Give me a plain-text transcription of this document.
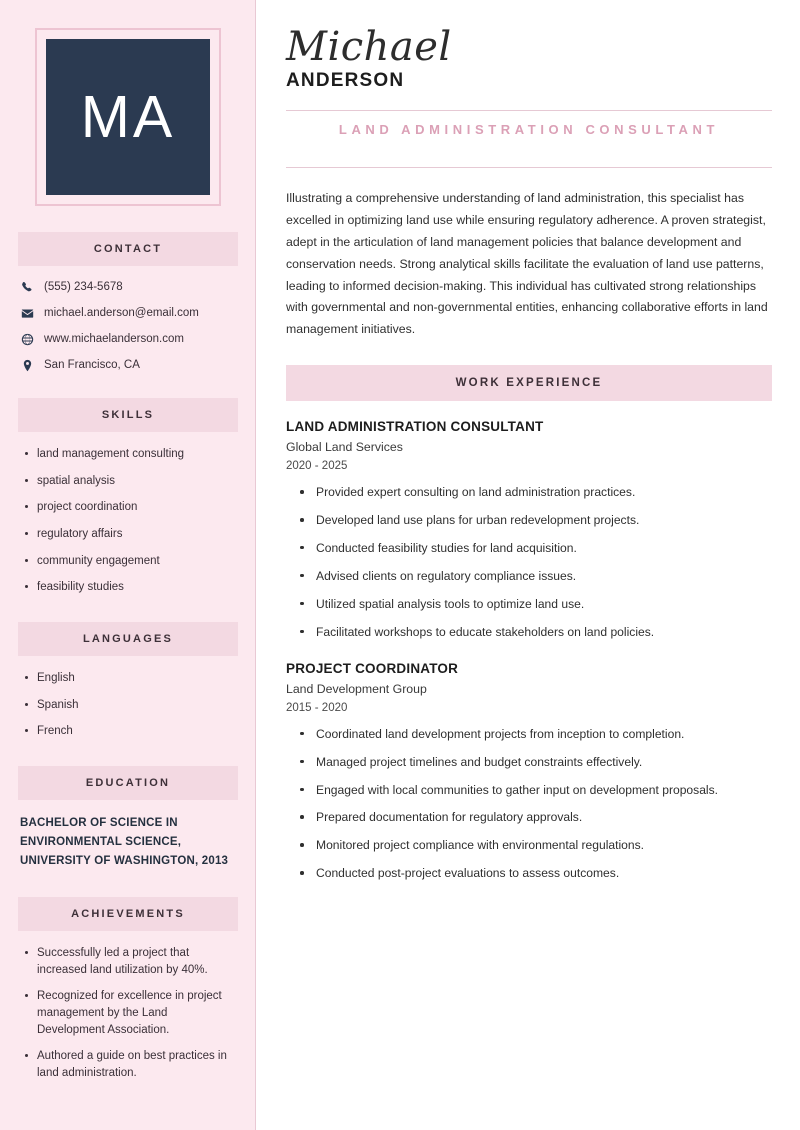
MA
CONTACT
(555) 234-5678
michael.anderson@email.com
www.michaelanderson.com
San Francisco, CA
SKILLS
land management consulting
spatial analysis
project coordination
regulatory affairs
community engagement
feasibility studies
LANGUAGES
English
Spanish
French
EDUCATION
BACHELOR OF SCIENCE IN ENVIRONMENTAL SCIENCE, UNIVERSITY OF WASHINGTON, 2013
ACHIEVEMENTS
Successfully led a project that increased land utilization by 40%.
Recognized for excellence in project management by the Land Development Association.
Authored a guide on best practices in land administration.
Michael
ANDERSON
LAND ADMINISTRATION CONSULTANT

Illustrating a comprehensive understanding of land administration, this specialist has excelled in optimizing land use while ensuring regulatory adherence. A proven strategist, adept in the articulation of land management policies that balance development and conservation needs. Strong analytical skills facilitate the evaluation of land use patterns, leading to informed decision-making. This individual has cultivated strong relationships with governmental and non-governmental entities, enhancing collaborative efforts in land management initiatives.

WORK EXPERIENCE
LAND ADMINISTRATION CONSULTANT
Global Land Services
2020 - 2025
Provided expert consulting on land administration practices.
Developed land use plans for urban redevelopment projects.
Conducted feasibility studies for land acquisition.
Advised clients on regulatory compliance issues.
Utilized spatial analysis tools to optimize land use.
Facilitated workshops to educate stakeholders on land policies.
PROJECT COORDINATOR
Land Development Group
2015 - 2020
Coordinated land development projects from inception to completion.
Managed project timelines and budget constraints effectively.
Engaged with local communities to gather input on development proposals.
Prepared documentation for regulatory approvals.
Monitored project compliance with environmental regulations.
Conducted post-project evaluations to assess outcomes.
